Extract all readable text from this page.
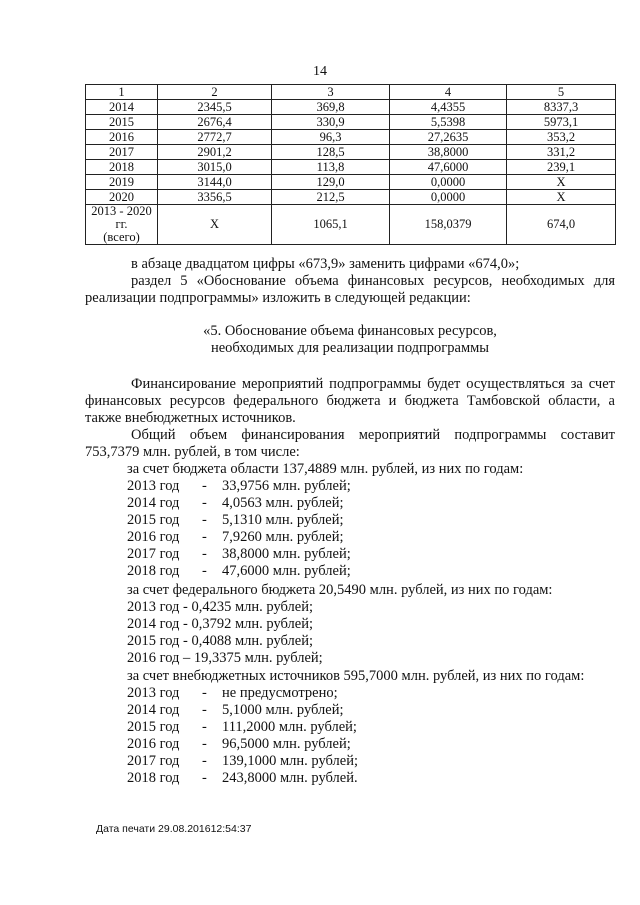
14
1	2	3	4	5
2014	2345,5	369,8	4,4355	8337,3
2015	2676,4	330,9	5,5398	5973,1
2016	2772,7	96,3	27,2635	353,2
2017	2901,2	128,5	38,8000	331,2
2018	3015,0	113,8	47,6000	239,1
2019	3144,0	129,0	0,0000	Х
2020	3356,5	212,5	0,0000	Х
2013 - 2020 гг.
(всего)	Х	1065,1	158,0379	674,0
в абзаце двадцатом цифры «673,9» заменить цифрами «674,0»;
раздел 5 «Обоснование объема финансовых ресурсов, необходимых для реализации подпрограммы» изложить в следующей редакции:
«5. Обоснование объема финансовых ресурсов,
необходимых для реализации подпрограммы
Финансирование мероприятий подпрограммы будет осуществляться за счет финансовых ресурсов федерального бюджета и бюджета Тамбовской области, а также внебюджетных источников.
Общий объем финансирования мероприятий подпрограммы составит 753,7379 млн. рублей, в том числе:
за счет бюджета области 137,4889 млн. рублей, из них по годам:
2013 год - 33,9756 млн. рублей;
2014 год - 4,0563 млн. рублей;
2015 год - 5,1310 млн. рублей;
2016 год - 7,9260 млн. рублей;
2017 год - 38,8000 млн. рублей;
2018 год - 47,6000 млн. рублей;
за счет федерального бюджета 20,5490 млн. рублей, из них по годам:
2013 год - 0,4235 млн. рублей;
2014 год - 0,3792 млн. рублей;
2015 год - 0,4088 млн. рублей;
2016 год – 19,3375 млн. рублей;
за счет внебюджетных источников 595,7000 млн. рублей, из них по годам:
2013 год - не предусмотрено;
2014 год - 5,1000 млн. рублей;
2015 год - 111,2000 млн. рублей;
2016 год - 96,5000 млн. рублей;
2017 год - 139,1000 млн. рублей;
2018 год - 243,8000 млн. рублей.
Дата печати 29.08.201612:54:37
